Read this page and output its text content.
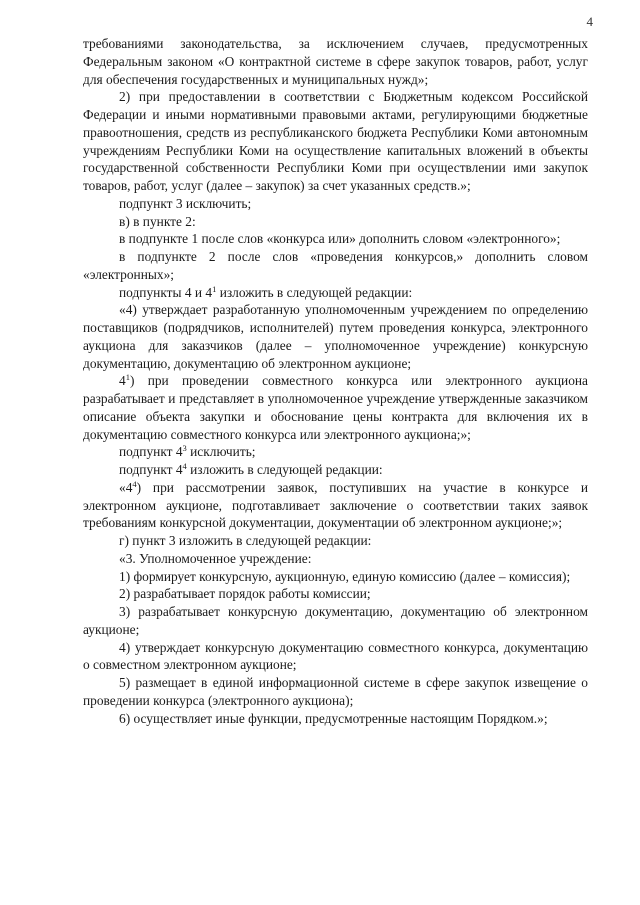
4

требованиями законодательства, за исключением случаев, предусмотренных Федеральным законом «О контрактной системе в сфере закупок товаров, работ, услуг для обеспечения государственных и муниципальных нужд»;

2) при предоставлении в соответствии с Бюджетным кодексом Российской Федерации и иными нормативными правовыми актами, регулирующими бюджетные правоотношения, средств из республиканского бюджета Республики Коми автономным учреждениям Республики Коми на осуществление капитальных вложений в объекты государственной собственности Республики Коми при осуществлении ими закупок товаров, работ, услуг (далее – закупок) за счет указанных средств.»;

подпункт 3 исключить;

в) в пункте 2:

в подпункте 1 после слов «конкурса или» дополнить словом «электронного»;

в подпункте 2 после слов «проведения конкурсов,» дополнить словом «электронных»;

подпункты 4 и $4^1$ изложить в следующей редакции:

«4) утверждает разработанную уполномоченным учреждением по определению поставщиков (подрядчиков, исполнителей) путем проведения конкурса, электронного аукциона для заказчиков (далее – уполномоченное учреждение) конкурсную документацию, документацию об электронном аукционе;

$4^1$) при проведении совместного конкурса или электронного аукциона разрабатывает и представляет в уполномоченное учреждение утвержденные заказчиком описание объекта закупки и обоснование цены контракта для включения их в документацию совместного конкурса или электронного аукциона;»;

подпункт $4^3$ исключить;

подпункт $4^4$ изложить в следующей редакции:

«$4^4$) при рассмотрении заявок, поступивших на участие в конкурсе и электронном аукционе, подготавливает заключение о соответствии таких заявок требованиям конкурсной документации, документации об электронном аукционе;»;

г) пункт 3 изложить в следующей редакции:

«3. Уполномоченное учреждение:

1) формирует конкурсную, аукционную, единую комиссию (далее – комиссия);

2) разрабатывает порядок работы комиссии;

3) разрабатывает конкурсную документацию, документацию об электронном аукционе;

4) утверждает конкурсную документацию совместного конкурса, документацию о совместном электронном аукционе;

5) размещает в единой информационной системе в сфере закупок извещение о проведении конкурса (электронного аукциона);

6) осуществляет иные функции, предусмотренные настоящим Порядком.»;
